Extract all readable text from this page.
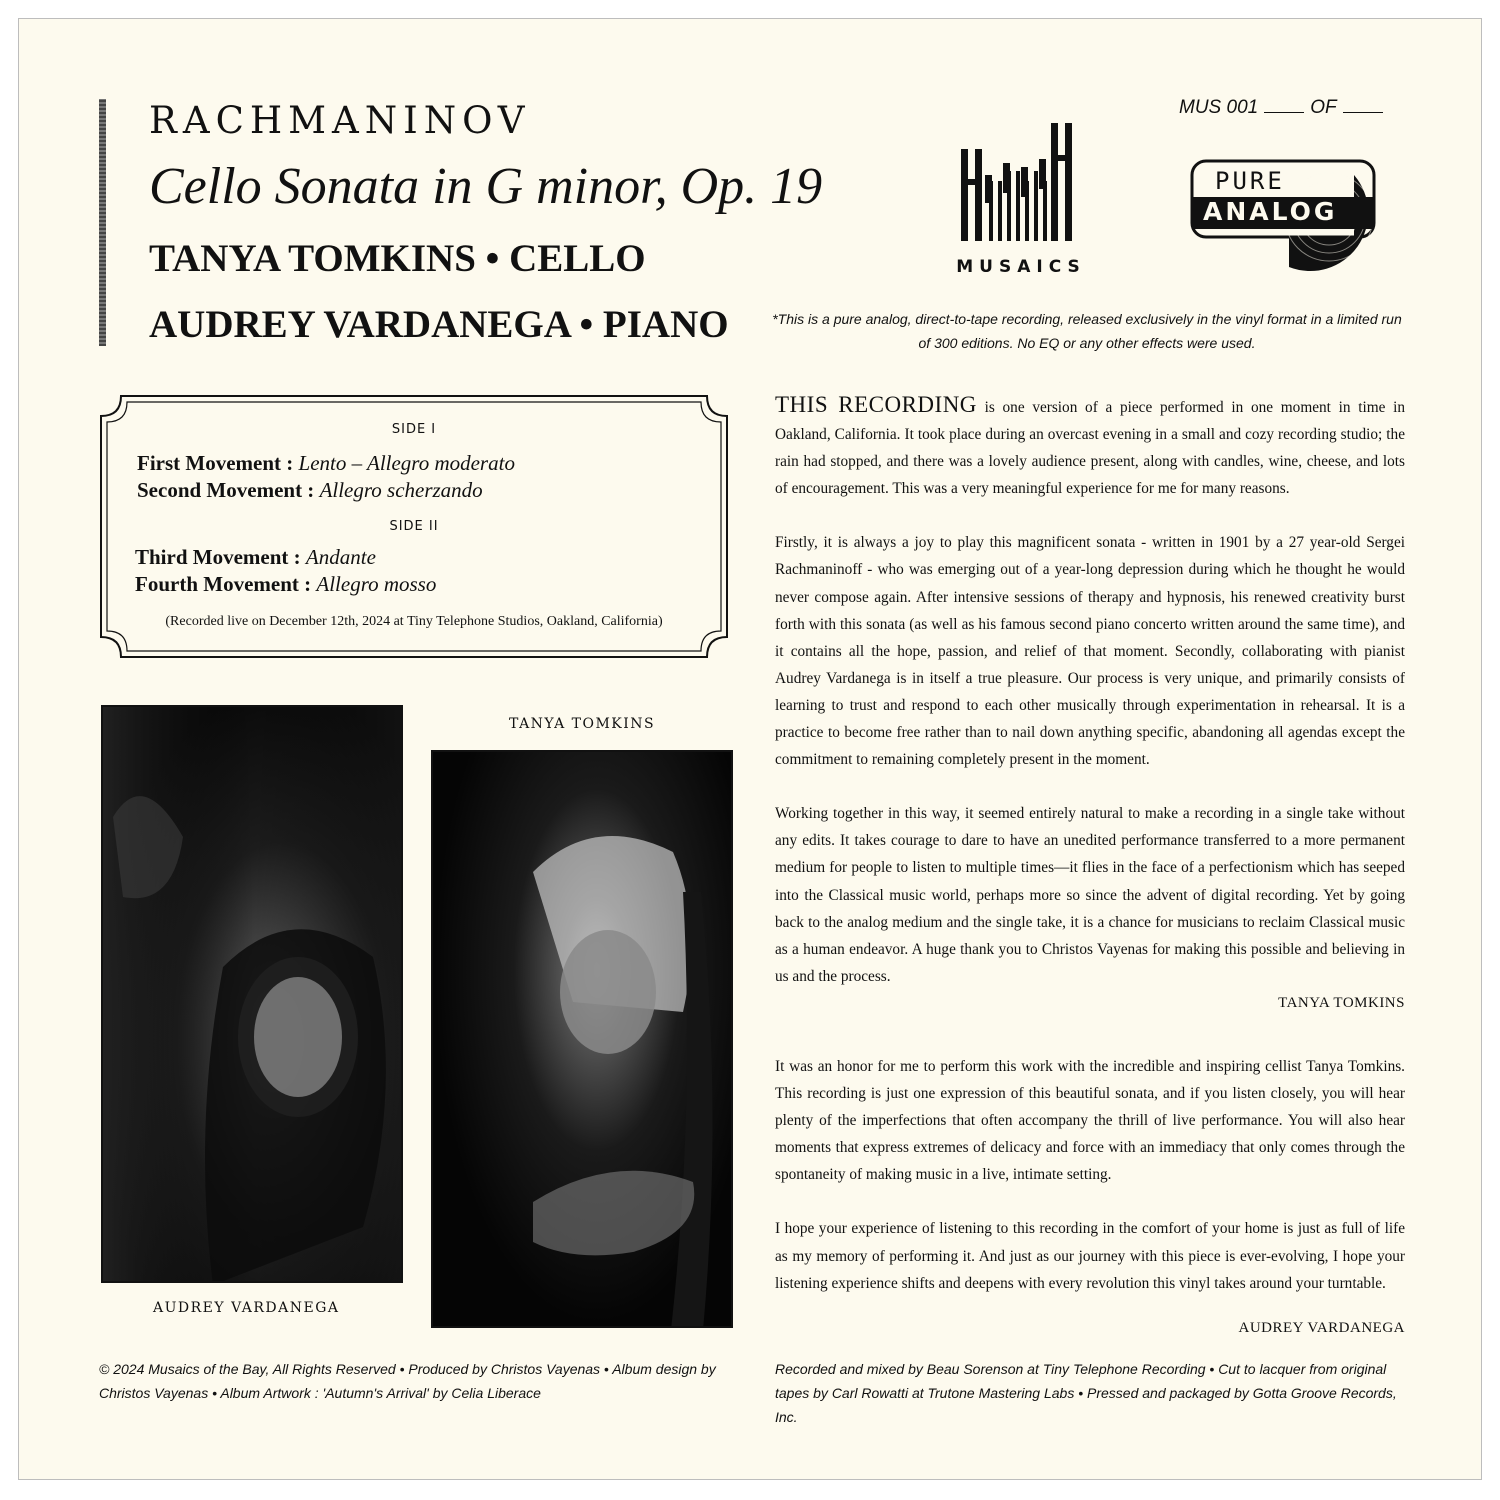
RACHMANINOV
Cello Sonata in G minor, Op. 19
TANYA TOMKINS • CELLO
AUDREY VARDANEGA • PIANO
MUS 001	OF
MUSAICS
PURE
ANALOG
*This is a pure analog, direct-to-tape recording, released exclusively in the vinyl format in a limited run of 300 editions. No EQ or any other effects were used.
SIDE I
First Movement : Lento – Allegro moderato
Second Movement : Allegro scherzando
SIDE II
Third Movement : Andante
Fourth Movement : Allegro mosso
(Recorded live on December 12th, 2024 at Tiny Telephone Studios, Oakland, California)
AUDREY VARDANEGA
TANYA TOMKINS

THIS RECORDING is one version of a piece performed in one moment in time in Oakland, California. It took place during an overcast evening in a small and cozy recording studio; the rain had stopped, and there was a lovely audience present, along with candles, wine, cheese, and lots of encouragement. This was a very meaningful experience for me for many reasons.

Firstly, it is always a joy to play this magnificent sonata - written in 1901 by a 27 year-old Sergei Rachmaninoff - who was emerging out of a year-long depression during which he thought he would never compose again. After intensive sessions of therapy and hypnosis, his renewed creativity burst forth with this sonata (as well as his famous second piano concerto written around the same time), and it contains all the hope, passion, and relief of that moment. Secondly, collaborating with pianist Audrey Vardanega is in itself a true pleasure. Our process is very unique, and primarily consists of learning to trust and respond to each other musically through experimentation in rehearsal. It is a practice to become free rather than to nail down anything specific, abandoning all agendas except the commitment to remaining completely present in the moment.

Working together in this way, it seemed entirely natural to make a recording in a single take without any edits. It takes courage to dare to have an unedited performance transferred to a more permanent medium for people to listen to multiple times—it flies in the face of a perfectionism which has seeped into the Classical music world, perhaps more so since the advent of digital recording. Yet by going back to the analog medium and the single take, it is a chance for musicians to reclaim Classical music as a human endeavor. A huge thank you to Christos Vayenas for making this possible and believing in us and the process.

TANYA TOMKINS

It was an honor for me to perform this work with the incredible and inspiring cellist Tanya Tomkins. This recording is just one expression of this beautiful sonata, and if you listen closely, you will hear plenty of the imperfections that often accompany the thrill of live performance. You will also hear moments that express extremes of delicacy and force with an immediacy that only comes through the spontaneity of making music in a live, intimate setting.

I hope your experience of listening to this recording in the comfort of your home is just as full of life as my memory of performing it. And just as our journey with this piece is ever-evolving, I hope your listening experience shifts and deepens with every revolution this vinyl takes around your turntable.

AUDREY VARDANEGA
© 2024 Musaics of the Bay, All Rights Reserved • Produced by Christos Vayenas • Album design by Christos Vayenas • Album Artwork : 'Autumn's Arrival' by Celia Liberace
Recorded and mixed by Beau Sorenson at Tiny Telephone Recording • Cut to lacquer from original tapes by Carl Rowatti at Trutone Mastering Labs • Pressed and packaged by Gotta Groove Records, Inc.
